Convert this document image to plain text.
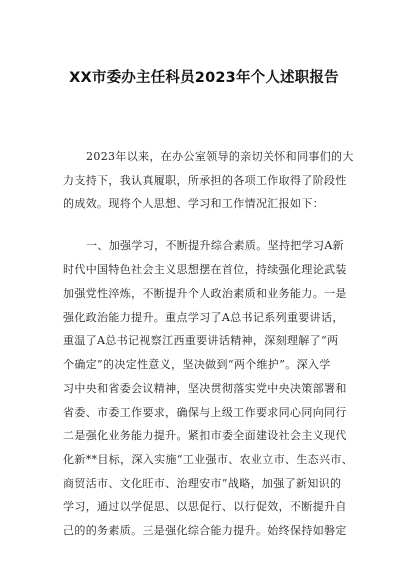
XX市委办主任科员2023年个人述职报告
2023年以来，在办公室领导的亲切关怀和同事们的大
力支持下，我认真履职，所承担的各项工作取得了阶段性
的成效。现将个人思想、学习和工作情况汇报如下：
一、加强学习，不断提升综合素质。坚持把学习A新
时代中国特色社会主义思想摆在首位，持续强化理论武装
加强党性淬炼，不断提升个人政治素质和业务能力。一是
强化政治能力提升。重点学习了A总书记系列重要讲话，
重温了A总书记视察江西重要讲话精神，深刻理解了“两
个确定”的决定性意义，坚决做到“两个维护”。深入学
习中央和省委会议精神，坚决贯彻落实党中央决策部署和
省委、市委工作要求，确保与上级工作要求同心同向同行
二是强化业务能力提升。紧扣市委全面建设社会主义现代
化新**目标，深入实施“工业强市、农业立市、生态兴市、
商贸活市、文化旺市、治理安市”战略，加强了新知识的
学习，通过以学促思、以思促行、以行促效，不断提升自
己的的务素质。三是强化综合能力提升。始终保持如磐定
